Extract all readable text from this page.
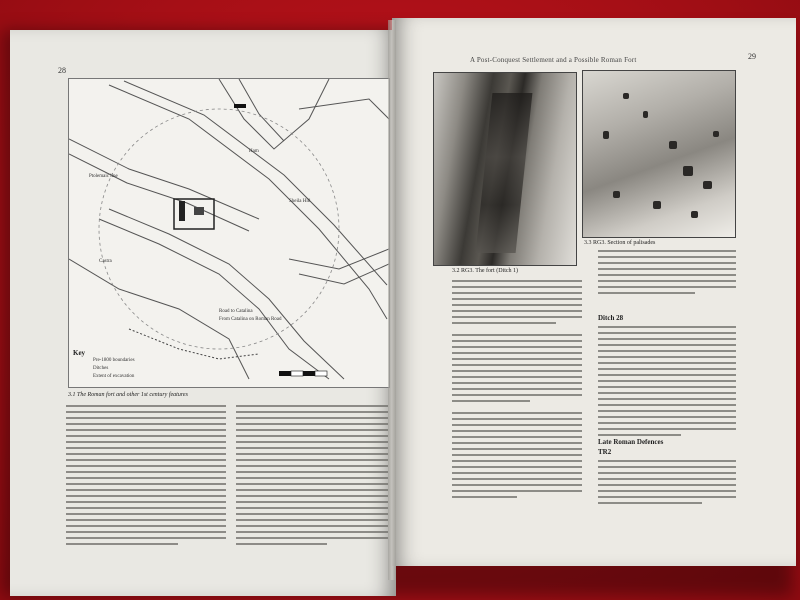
28
Key
Pre-1800 boundaries
Ditches
Extent of excavation
Road to Catalina
From Catalina on Roman Road
Ptolemaic line
Ham
Castra
Sheila Hill
3.1 The Roman fort and other 1st century features
A Post-Conquest Settlement and a Possible Roman Fort	29
3.2 RG3. The fort (Ditch 1)
3.3 RG3. Section of palisades
Ditch 28
Late Roman Defences
TR2
